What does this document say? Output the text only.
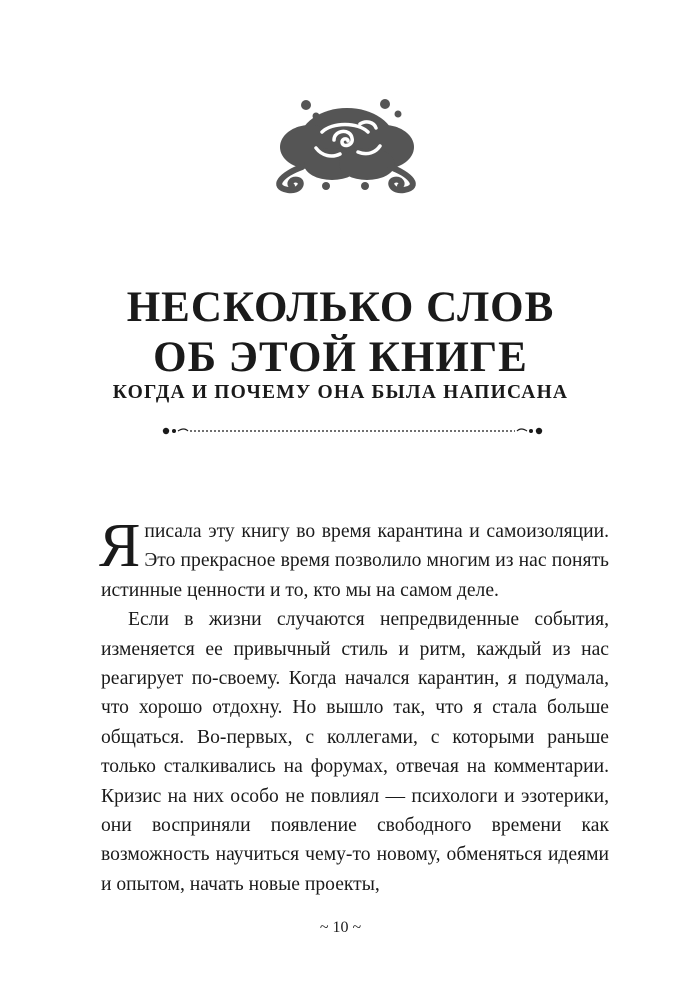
НЕСКОЛЬКО СЛОВ
ОБ ЭТОЙ КНИГЕ
КОГДА И ПОЧЕМУ ОНА БЫЛА НАПИСАНА

Яписала эту книгу во время карантина и самоизоляции. Это прекрасное время позволило многим из нас понять истинные ценности и то, кто мы на самом деле.

Если в жизни случаются непредвиденные события, изменяется ее привычный стиль и ритм, каждый из нас реагирует по-своему. Когда начался карантин, я подумала, что хорошо отдохну. Но вышло так, что я стала больше общаться. Во-первых, с коллегами, с которыми раньше только сталкивались на форумах, отвечая на комментарии. Кризис на них особо не повлиял — психологи и эзотерики, они восприняли появление свободного времени как возможность научиться чему-то новому, обменяться идеями и опытом, начать новые проекты,

~ 10 ~
